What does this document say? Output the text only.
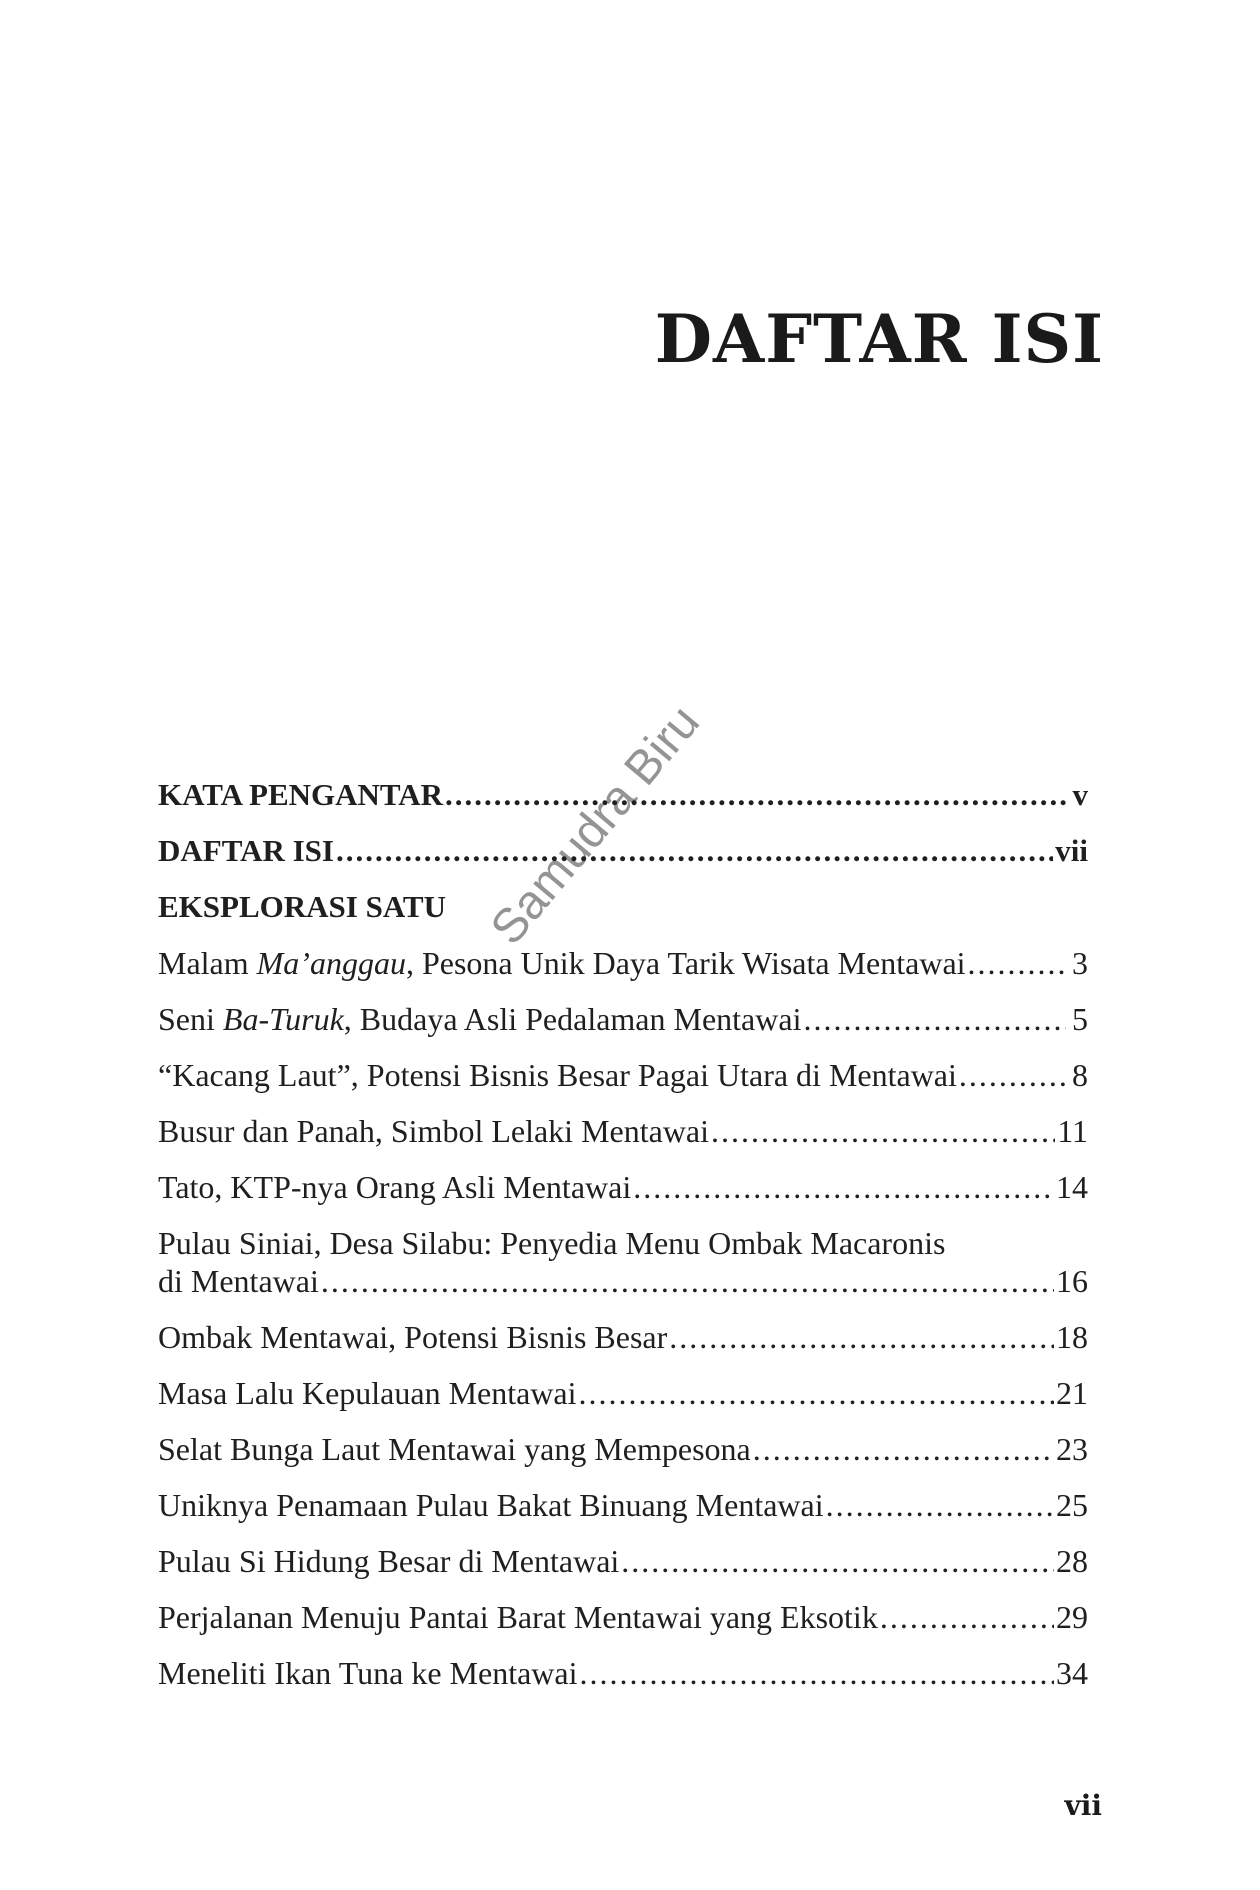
DAFTAR ISI
Samudra Biru
KATA PENGANTAR .....	v
DAFTAR ISI .....	vii
EKSPLORASI SATU
Malam Ma’anggau, Pesona Unik Daya Tarik Wisata Mentawai .....	3
Seni Ba-Turuk, Budaya Asli Pedalaman Mentawai .....	5
“Kacang Laut”, Potensi Bisnis Besar Pagai Utara di Mentawai .....	8
Busur dan Panah, Simbol Lelaki Mentawai .....	11
Tato, KTP-nya Orang Asli Mentawai .....	14
Pulau Siniai, Desa Silabu: Penyedia Menu Ombak Macaronis
di Mentawai .....	16
Ombak Mentawai, Potensi Bisnis Besar .....	18
Masa Lalu Kepulauan Mentawai .....	21
Selat Bunga Laut Mentawai yang Mempesona .....	23
Uniknya Penamaan Pulau Bakat Binuang Mentawai .....	25
Pulau Si Hidung Besar di Mentawai .....	28
Perjalanan Menuju Pantai Barat Mentawai yang Eksotik .....	29
Meneliti Ikan Tuna ke Mentawai .....	34
vii
